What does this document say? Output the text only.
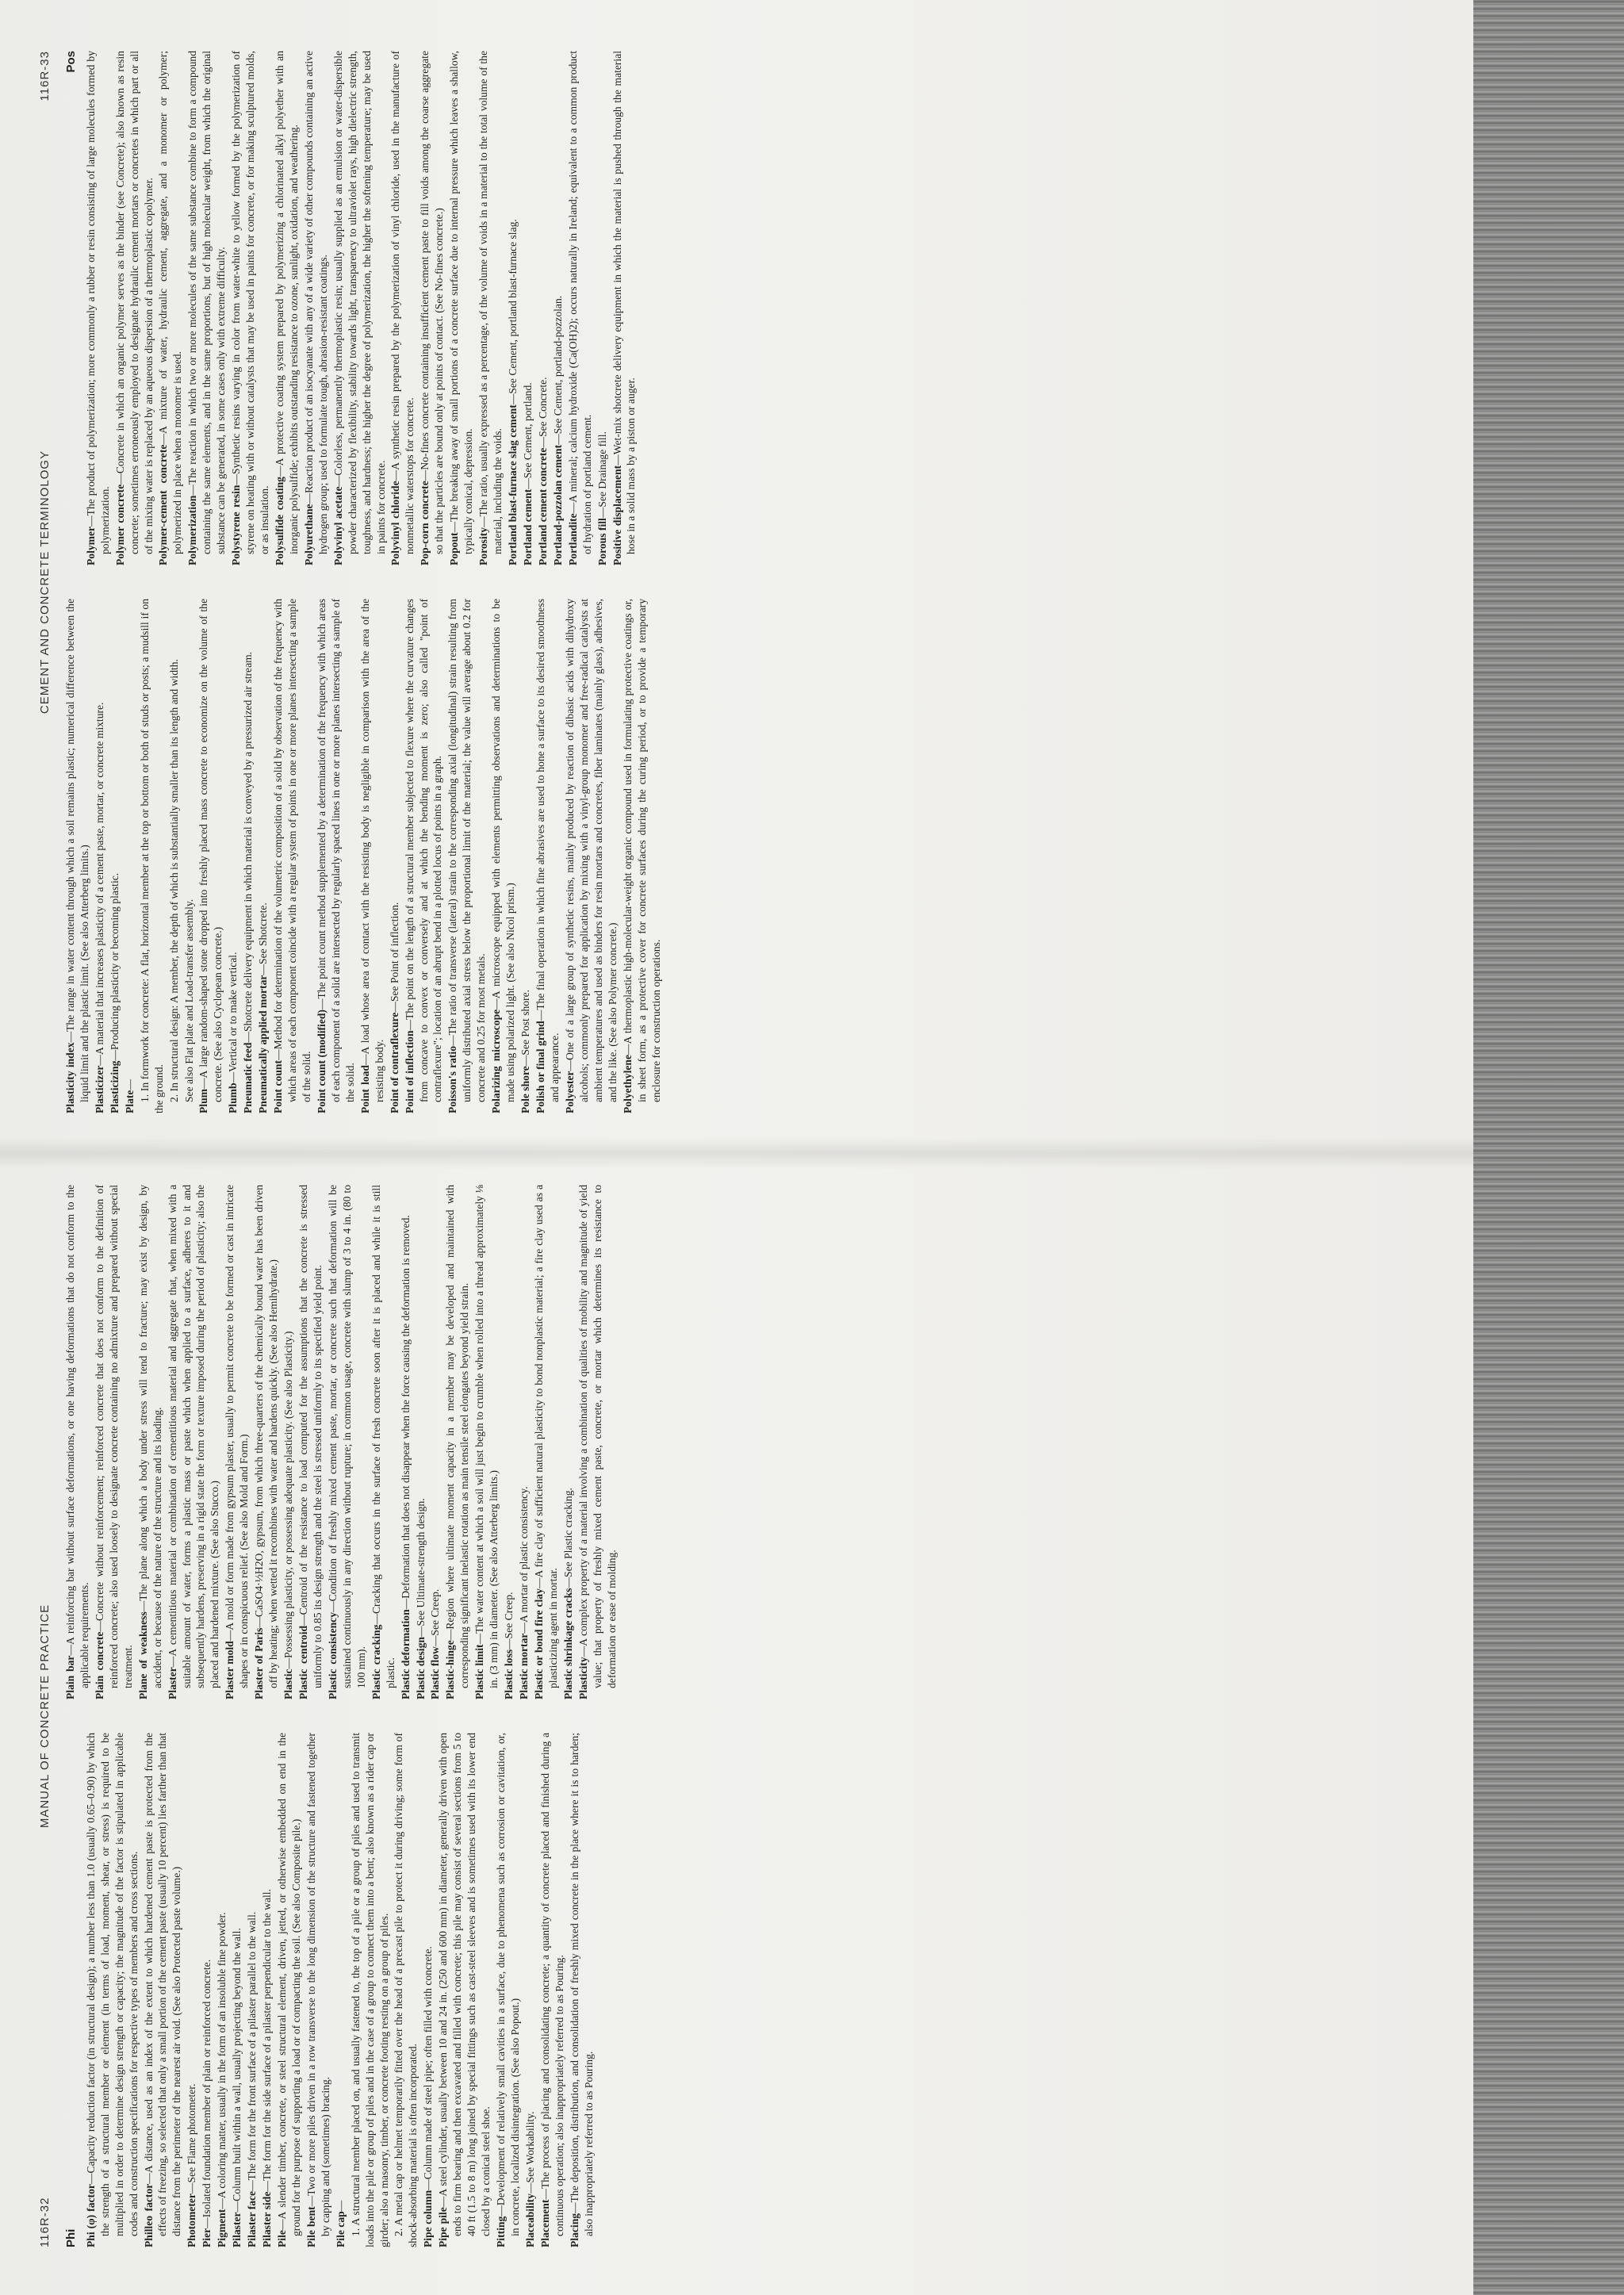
116R-32
MANUAL OF CONCRETE PRACTICE
Phi Phi (φ) factor—Capacity reduction factor (in structural design); a number less than 1.0 (usually 0.65–0.90) by which the strength of a structural member or element (in terms of load, moment, shear, or stress) is required to be multiplied in order to determine design strength or capacity; the magnitude of the factor is stipulated in applicable codes and construction specifications for respective types of members and cross sections. Philleo factor—A distance, used as an index of the extent to which hardened cement paste is protected from the effects of freezing, so selected that only a small portion of the cement paste (usually 10 percent) lies farther than that distance from the perimeter of the nearest air void. (See also Protected paste volume.) Photometer—See Flame photometer.

Pier—Isolated foundation member of plain or reinforced concrete. Pigment—A coloring matter, usually in the form of an insoluble fine powder.

Pilaster—Column built within a wall, usually projecting beyond the wall.

Pilaster face—The form for the front surface of a pilaster parallel to the wall.

Pilaster side—The form for the side surface of a pilaster perpendicular to the wall.

Pile—A slender timber, concrete, or steel structural element, driven, jetted, or otherwise embedded on end in the ground for the purpose of supporting a load or of compacting the soil. (See also Composite pile.) Pile bent—Two or more piles driven in a row transverse to the long dimension of the structure and fastened together by capping and (sometimes) bracing. Pile cap— 1. A structural member placed on, and usually fastened to, the top of a pile or a group of piles and used to transmit loads into the pile or group of piles and in the case of a group to connect them into a bent; also known as a rider cap or girder; also a masonry, timber, or concrete footing resting on a group of piles. 2. A metal cap or helmet temporarily fitted over the head of a precast pile to protect it during driving; some form of shock-absorbing material is often incorporated. Pipe column—Column made of steel pipe; often filled with concrete.

Pipe pile—A steel cylinder, usually between 10 and 24 in. (250 and 600 mm) in diameter, generally driven with open ends to firm bearing and then excavated and filled with concrete; this pile may consist of several sections from 5 to 40 ft (1.5 to 8 m) long joined by special fittings such as cast-steel sleeves and is sometimes used with its lower end closed by a conical steel shoe. Pitting—Development of relatively small cavities in a surface, due to phenomena such as corrosion or cavitation, or, in concrete, localized disintegration. (See also Popout.) Placeability—See Workability.

Placement—The process of placing and consolidating concrete; a quantity of concrete placed and finished during a continuous operation; also inappropriately referred to as Pouring. Placing—The deposition, distribution, and consolidation of freshly mixed concrete in the place where it is to harden; also inappropriately referred to as Pouring.

Plain bar—A reinforcing bar without surface deformations, or one having deformations that do not conform to the applicable requirements. Plain concrete—Concrete without reinforcement; reinforced concrete that does not conform to the definition of reinforced concrete; also used loosely to designate concrete containing no admixture and prepared without special treatment. Plane of weakness—The plane along which a body under stress will tend to fracture; may exist by design, by accident, or because of the nature of the structure and its loading. Plaster—A cementitious material or combination of cementitious material and aggregate that, when mixed with a suitable amount of water, forms a plastic mass or paste which when applied to a surface, adheres to it and subsequently hardens, preserving in a rigid state the form or texture imposed during the period of plasticity; also the placed and hardened mixture. (See also Stucco.) Plaster mold—A mold or form made from gypsum plaster, usually to permit concrete to be formed or cast in intricate shapes or in conspicuous relief. (See also Mold and Form.) Plaster of Paris—CaSO4·½H2O, gypsum, from which three-quarters of the chemically bound water has been driven off by heating; when wetted it recombines with water and hardens quickly. (See also Hemihydrate.) Plastic—Possessing plasticity, or possessing adequate plasticity. (See also Plasticity.) Plastic centroid—Centroid of the resistance to load computed for the assumptions that the concrete is stressed uniformly to 0.85 its design strength and the steel is stressed uniformly to its specified yield point. Plastic consistency—Condition of freshly mixed cement paste, mortar, or concrete such that deformation will be sustained continuously in any direction without rupture; in common usage, concrete with slump of 3 to 4 in. (80 to 100 mm). Plastic cracking—Cracking that occurs in the surface of fresh concrete soon after it is placed and while it is still plastic. Plastic deformation—Deformation that does not disappear when the force causing the deformation is removed.

Plastic design—See Ultimate-strength design.

Plastic flow—See Creep.

Plastic-hinge—Region where ultimate moment capacity in a member may be developed and maintained with corresponding significant inelastic rotation as main tensile steel elongates beyond yield strain. Plastic limit—The water content at which a soil will just begin to crumble when rolled into a thread approximately ⅛ in. (3 mm) in diameter. (See also Atterberg limits.) Plastic loss—See Creep.

Plastic mortar—A mortar of plastic consistency.

Plastic or bond fire clay—A fire clay of sufficient natural plasticity to bond nonplastic material; a fire clay used as a plasticizing agent in mortar. Plastic shrinkage cracks—See Plastic cracking.

Plasticity—A complex property of a material involving a combination of qualities of mobility and magnitude of yield value; that property of freshly mixed cement paste, concrete, or mortar which determines its resistance to deformation or ease of molding.

CEMENT AND CONCRETE TERMINOLOGY
116R-33

Plasticity index—The range in water content through which a soil remains plastic; numerical difference between the liquid limit and the plastic limit. (See also Atterberg limits.) Plasticizer—A material that increases plasticity of a cement paste, mortar, or concrete mixture.

Plasticizing—Producing plasticity or becoming plastic.

Plate— 1. In formwork for concrete: A flat, horizontal member at the top or bottom or both of studs or posts; a mudsill if on the ground. 2. In structural design: A member, the depth of which is substantially smaller than its length and width. See also Flat plate and Load-transfer assembly. Plum—A large random-shaped stone dropped into freshly placed mass concrete to economize on the volume of the concrete. (See also Cyclopean concrete.) Plumb—Vertical or to make vertical. Pneumatic feed—Shotcrete delivery equipment in which material is conveyed by a pressurized air stream.

Pneumatically applied mortar—See Shotcrete.

Point count—Method for determination of the volumetric composition of a solid by observation of the frequency with which areas of each component coincide with a regular system of points in one or more planes intersecting a sample of the solid. Point count (modified)—The point count method supplemented by a determination of the frequency with which areas of each component of a solid are intersected by regularly spaced lines in one or more planes intersecting a sample of the solid. Point load—A load whose area of contact with the resisting body is negligible in comparison with the area of the resisting body. Point of contraflexure—See Point of inflection.

Point of inflection—The point on the length of a structural member subjected to flexure where the curvature changes from concave to convex or conversely and at which the bending moment is zero; also called "point of contraflexure"; location of an abrupt bend in a plotted locus of points in a graph. Poisson's ratio—The ratio of transverse (lateral) strain to the corresponding axial (longitudinal) strain resulting from uniformly distributed axial stress below the proportional limit of the material; the value will average about 0.2 for concrete and 0.25 for most metals. Polarizing microscope—A microscope equipped with elements permitting observations and determinations to be made using polarized light. (See also Nicol prism.) Pole shore—See Post shore. Polish or final grind—The final operation in which fine abrasives are used to hone a surface to its desired smoothness and appearance. Polyester—One of a large group of synthetic resins, mainly produced by reaction of dibasic acids with dihydroxy alcohols; commonly prepared for application by mixing with a vinyl-group monomer and free-radical catalysts at ambient temperatures and used as binders for resin mortars and concretes, fiber laminates (mainly glass), adhesives, and the like. (See also Polymer concrete.) Polyethylene—A thermoplastic high-molecular-weight organic compound used in formulating protective coatings or, in sheet form, as a protective cover for concrete surfaces during the curing period, or to provide a temporary enclosure for construction operations.

Pos

Polymer—The product of polymerization; more commonly a rubber or resin consisting of large molecules formed by polymerization. Polymer concrete—Concrete in which an organic polymer serves as the binder (see Concrete); also known as resin concrete; sometimes erroneously employed to designate hydraulic cement mortars or concretes in which part or all of the mixing water is replaced by an aqueous dispersion of a thermoplastic copolymer. Polymer-cement concrete—A mixture of water, hydraulic cement, aggregate, and a monomer or polymer; polymerized in place when a monomer is used. Polymerization—The reaction in which two or more molecules of the same substance combine to form a compound containing the same elements, and in the same proportions, but of high molecular weight, from which the original substance can be generated, in some cases only with extreme difficulty. Polystyrene resin—Synthetic resins varying in color from water-white to yellow formed by the polymerization of styrene on heating with or without catalysts that may be used in paints for concrete, or for making sculptured molds, or as insulation. Polysulfide coating—A protective coating system prepared by polymerizing a chlorinated alkyl polyether with an inorganic polysulfide; exhibits outstanding resistance to ozone, sunlight, oxidation, and weathering. Polyurethane—Reaction product of an isocyanate with any of a wide variety of other compounds containing an active hydrogen group; used to formulate tough, abrasion-resistant coatings. Polyvinyl acetate—Colorless, permanently thermoplastic resin; usually supplied as an emulsion or water-dispersible powder characterized by flexibility, stability towards light, transparency to ultraviolet rays, high dielectric strength, toughness, and hardness; the higher the degree of polymerization, the higher the softening temperature; may be used in paints for concrete. Polyvinyl chloride—A synthetic resin prepared by the polymerization of vinyl chloride, used in the manufacture of nonmetallic waterstops for concrete. Pop-corn concrete—No-fines concrete containing insufficient cement paste to fill voids among the coarse aggregate so that the particles are bound only at points of contact. (See No-fines concrete.) Popout—The breaking away of small portions of a concrete surface due to internal pressure which leaves a shallow, typically conical, depression. Porosity—The ratio, usually expressed as a percentage, of the volume of voids in a material to the total volume of the material, including the voids. Portland blast-furnace slag cement—See Cement, portland blast-furnace slag.

Portland cement—See Cement, portland.

Portland cement concrete—See Concrete.

Portland-pozzolan cement—See Cement, portland-pozzolan.

Portlandite—A mineral; calcium hydroxide (Ca(OH)2); occurs naturally in Ireland; equivalent to a common product of hydration of portland cement. Porous fill—See Drainage fill. Positive displacement—Wet-mix shotcrete delivery equipment in which the material is pushed through the material hose in a solid mass by a piston or auger.
